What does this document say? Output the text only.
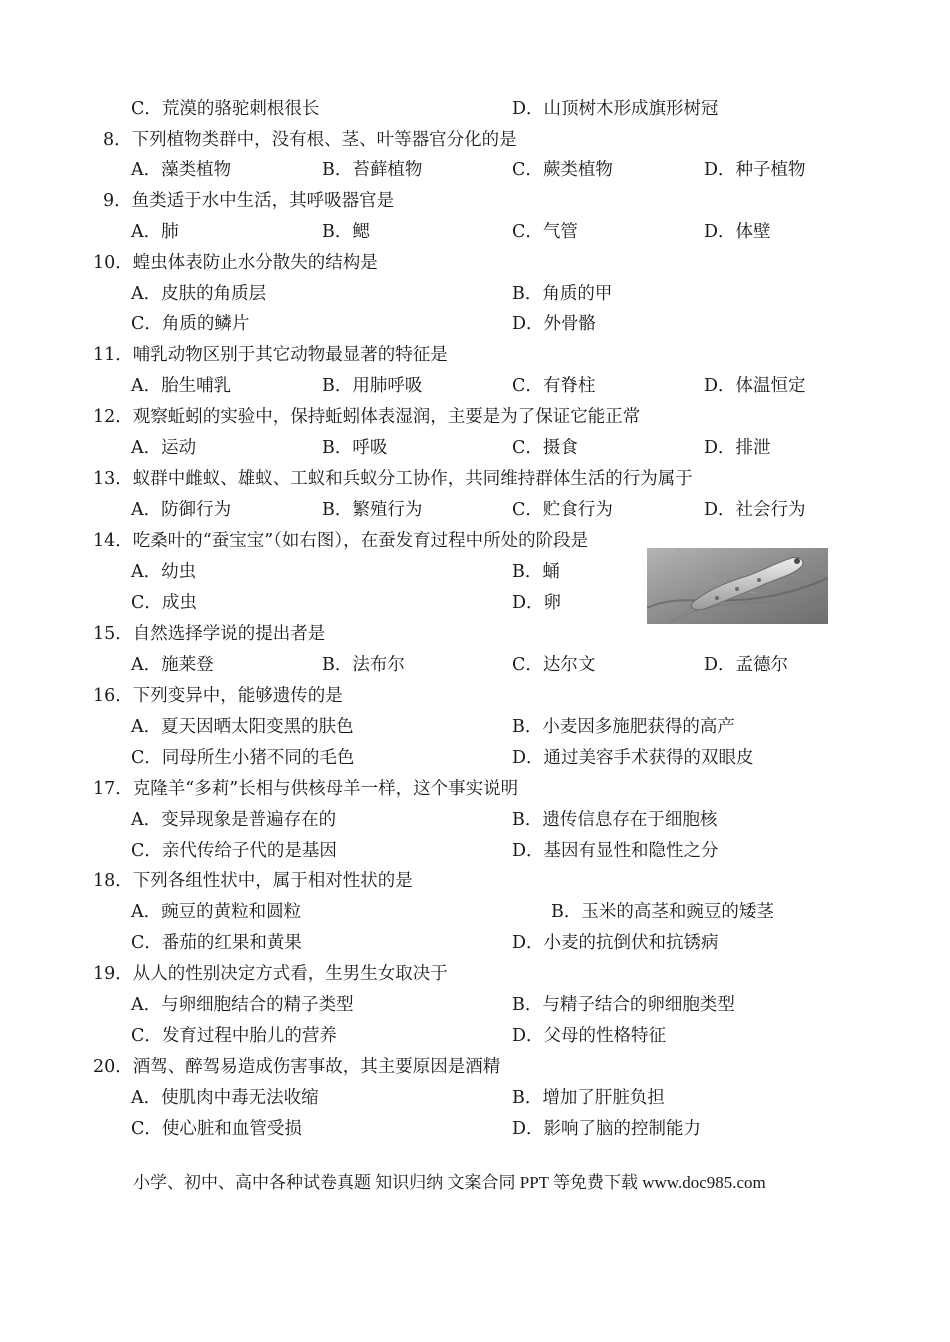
C．荒漠的骆驼刺根很长	D．山顶树木形成旗形树冠
8．下列植物类群中，没有根、茎、叶等器官分化的是
A．藻类植物	B．苔藓植物	C．蕨类植物	D．种子植物
9．鱼类适于水中生活，其呼吸器官是
A．肺	B．鳃	C．气管	D．体壁
10．蝗虫体表防止水分散失的结构是
A．皮肤的角质层	B．角质的甲
C．角质的鳞片	D．外骨骼
11．哺乳动物区别于其它动物最显著的特征是
A．胎生哺乳	B．用肺呼吸	C．有脊柱	D．体温恒定
12．观察蚯蚓的实验中，保持蚯蚓体表湿润，主要是为了保证它能正常
A．运动	B．呼吸	C．摄食	D．排泄
13．蚁群中雌蚁、雄蚁、工蚁和兵蚁分工协作，共同维持群体生活的行为属于
A．防御行为	B．繁殖行为	C．贮食行为	D．社会行为
14．吃桑叶的“蚕宝宝”（如右图），在蚕发育过程中所处的阶段是
A．幼虫	B．蛹
C．成虫	D．卵
15．自然选择学说的提出者是
A．施莱登	B．法布尔	C．达尔文	D．孟德尔
16．下列变异中，能够遗传的是
A．夏天因晒太阳变黑的肤色	B．小麦因多施肥获得的高产
C．同母所生小猪不同的毛色	D．通过美容手术获得的双眼皮
17．克隆羊“多莉”长相与供核母羊一样，这个事实说明
A．变异现象是普遍存在的	B．遗传信息存在于细胞核
C．亲代传给子代的是基因	D．基因有显性和隐性之分
18．下列各组性状中，属于相对性状的是
A．豌豆的黄粒和圆粒	B．玉米的高茎和豌豆的矮茎
C．番茄的红果和黄果	D．小麦的抗倒伏和抗锈病
19．从人的性别决定方式看，生男生女取决于
A．与卵细胞结合的精子类型	B．与精子结合的卵细胞类型
C．发育过程中胎儿的营养	D．父母的性格特征
20．酒驾、醉驾易造成伤害事故，其主要原因是酒精
A．使肌肉中毒无法收缩	B．增加了肝脏负担
C．使心脏和血管受损	D．影响了脑的控制能力
小学、初中、高中各种试卷真题 知识归纳 文案合同 PPT 等免费下载 www.doc985.com
